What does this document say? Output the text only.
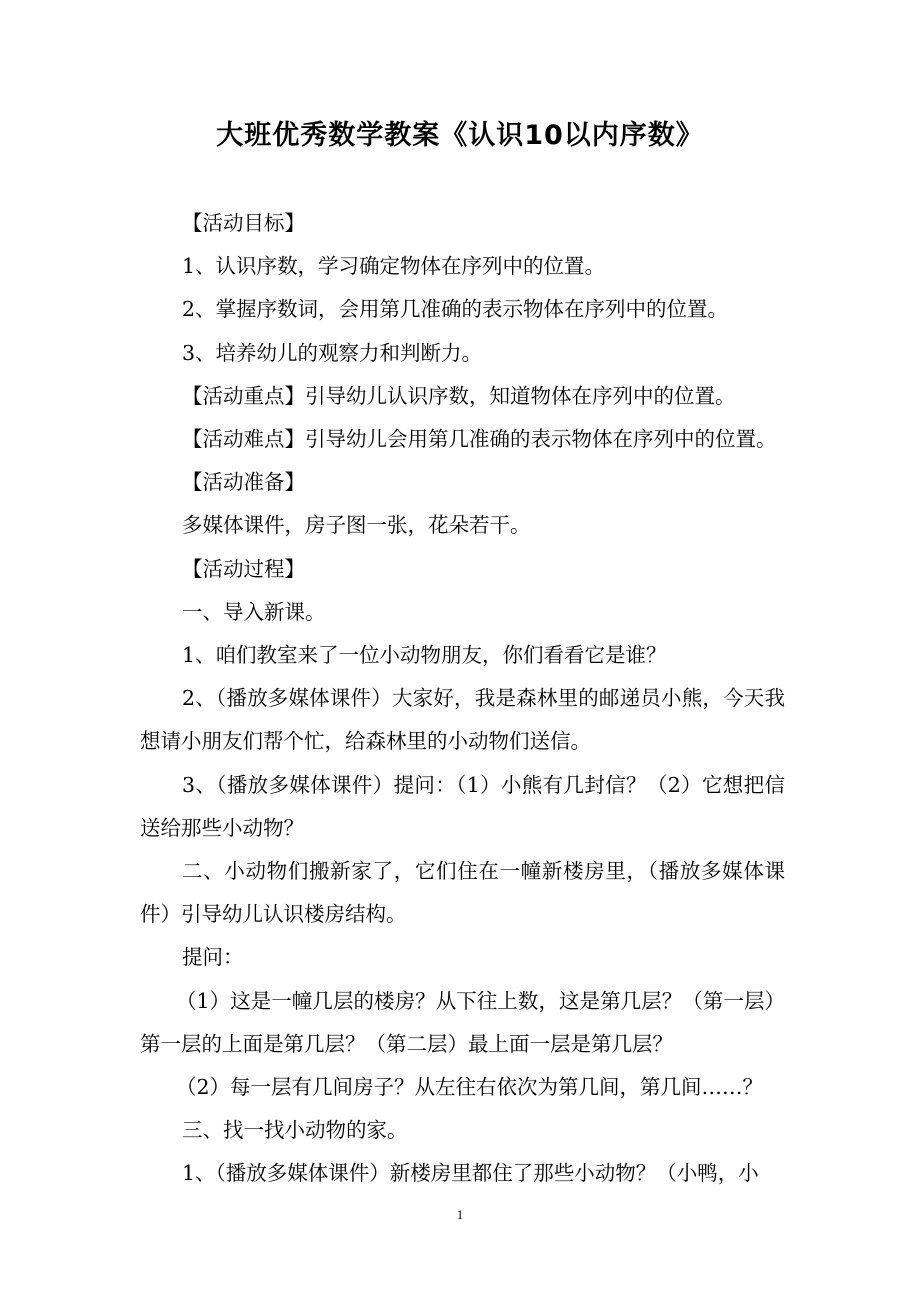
大班优秀数学教案《认识10以内序数》

【活动目标】

1、认识序数，学习确定物体在序列中的位置。

2、掌握序数词，会用第几准确的表示物体在序列中的位置。

3、培养幼儿的观察力和判断力。

【活动重点】引导幼儿认识序数，知道物体在序列中的位置。

【活动难点】引导幼儿会用第几准确的表示物体在序列中的位置。

【活动准备】

多媒体课件，房子图一张，花朵若干。

【活动过程】

一、导入新课。

1、咱们教室来了一位小动物朋友，你们看看它是谁？

2、（播放多媒体课件）大家好，我是森林里的邮递员小熊，今天我想请小朋友们帮个忙，给森林里的小动物们送信。

3、（播放多媒体课件）提问：（1）小熊有几封信？（2）它想把信送给那些小动物？

二、小动物们搬新家了，它们住在一幢新楼房里，（播放多媒体课件）引导幼儿认识楼房结构。

提问：

（1）这是一幢几层的楼房？从下往上数，这是第几层？（第一层）第一层的上面是第几层？（第二层）最上面一层是第几层？

（2）每一层有几间房子？从左往右依次为第几间，第几间……？

三、找一找小动物的家。

1、（播放多媒体课件）新楼房里都住了那些小动物？（小鸭，小

1
